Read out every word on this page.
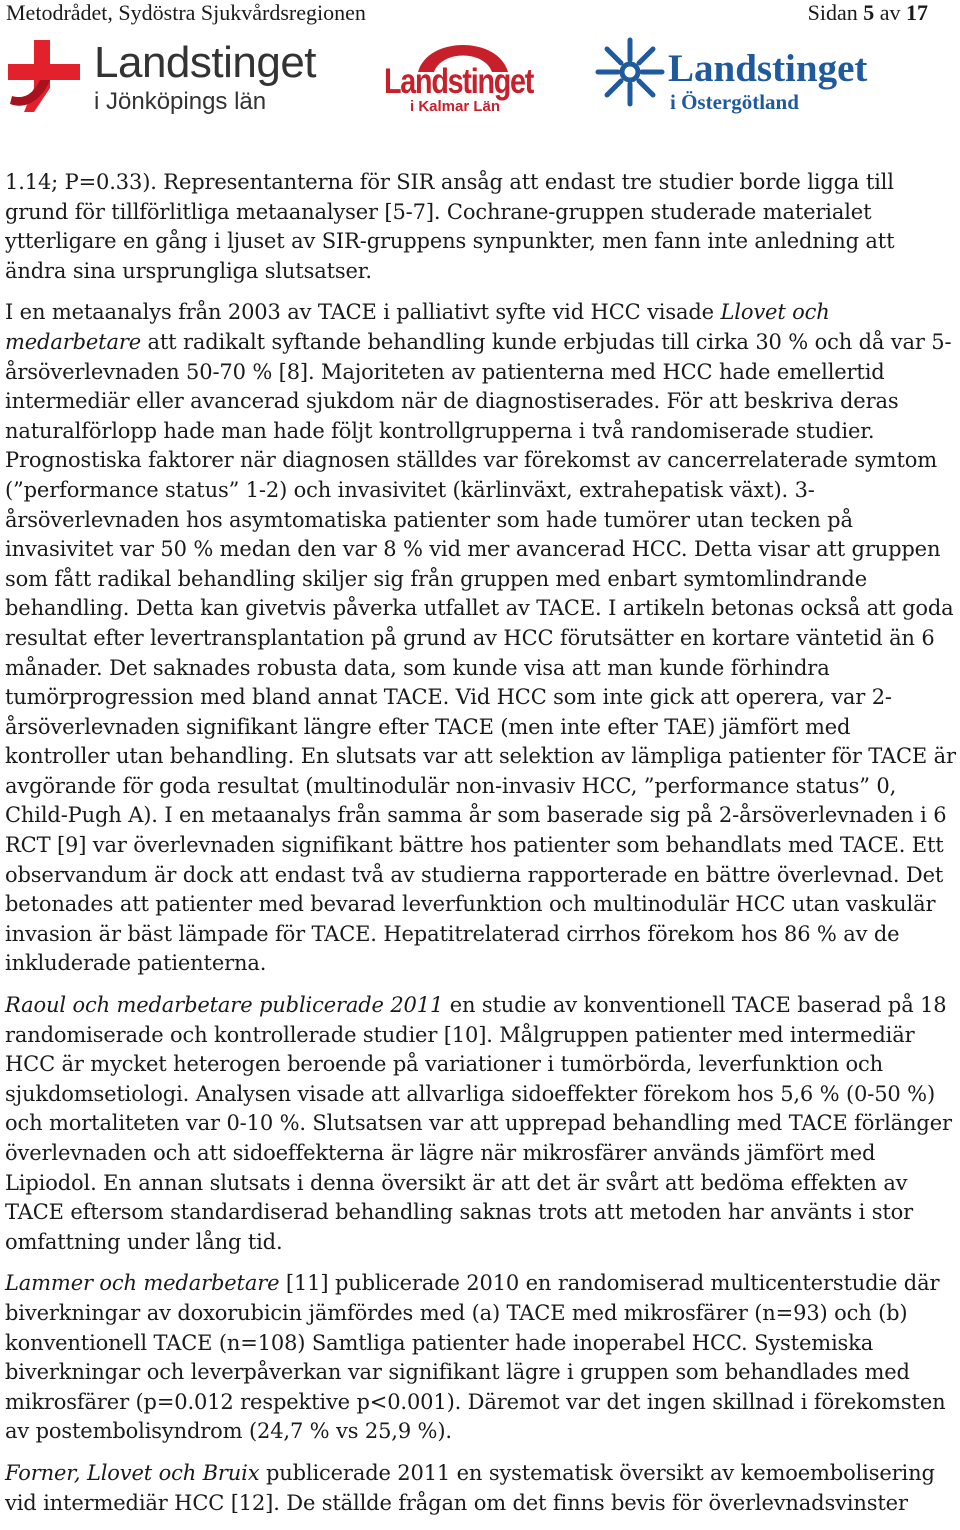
Metodrådet, Sydöstra Sjukvårdsregionen	Sidan 5 av 17
Landstinget
i Jönköpings län
Landstinget
i Kalmar Län
Landstinget
i Östergötland

1.14; P=0.33). Representanterna för SIR ansåg att endast tre studier borde ligga till grund för tillförlitliga metaanalyser [5-7]. Cochrane-gruppen studerade materialet ytterligare en gång i ljuset av SIR-gruppens synpunkter, men fann inte anledning att ändra sina ursprungliga slutsatser.

I en metaanalys från 2003 av TACE i palliativt syfte vid HCC visade Llovet och medarbetare att radikalt syftande behandling kunde erbjudas till cirka 30 % och då var 5-årsöverlevnaden 50-70 % [8]. Majoriteten av patienterna med HCC hade emellertid intermediär eller avancerad sjukdom när de diagnostiserades. För att beskriva deras naturalförlopp hade man hade följt kontrollgrupperna i två randomiserade studier. Prognostiska faktorer när diagnosen ställdes var förekomst av cancerrelaterade symtom (”performance status” 1-2) och invasivitet (kärlinväxt, extrahepatisk växt). 3-årsöverlevnaden hos asymtomatiska patienter som hade tumörer utan tecken på invasivitet var 50 % medan den var 8 % vid mer avancerad HCC. Detta visar att gruppen som fått radikal behandling skiljer sig från gruppen med enbart symtomlindrande behandling. Detta kan givetvis påverka utfallet av TACE. I artikeln betonas också att goda resultat efter levertransplantation på grund av HCC förutsätter en kortare väntetid än 6 månader. Det saknades robusta data, som kunde visa att man kunde förhindra tumörprogression med bland annat TACE. Vid HCC som inte gick att operera, var 2-årsöverlevnaden signifikant längre efter TACE (men inte efter TAE) jämfört med kontroller utan behandling. En slutsats var att selektion av lämpliga patienter för TACE är avgörande för goda resultat (multinodulär non-invasiv HCC, ”performance status” 0, Child-Pugh A). I en metaanalys från samma år som baserade sig på 2-årsöverlevnaden i 6 RCT [9] var överlevnaden signifikant bättre hos patienter som behandlats med TACE. Ett observandum är dock att endast två av studierna rapporterade en bättre överlevnad. Det betonades att patienter med bevarad leverfunktion och multinodulär HCC utan vaskulär invasion är bäst lämpade för TACE. Hepatitrelaterad cirrhos förekom hos 86 % av de inkluderade patienterna.

Raoul och medarbetare publicerade 2011 en studie av konventionell TACE baserad på 18 randomiserade och kontrollerade studier [10]. Målgruppen patienter med intermediär HCC är mycket heterogen beroende på variationer i tumörbörda, leverfunktion och sjukdomsetiologi. Analysen visade att allvarliga sidoeffekter förekom hos 5,6 % (0-50 %) och mortaliteten var 0-10 %. Slutsatsen var att upprepad behandling med TACE förlänger överlevnaden och att sidoeffekterna är lägre när mikrosfärer används jämfört med Lipiodol. En annan slutsats i denna översikt är att det är svårt att bedöma effekten av TACE eftersom standardiserad behandling saknas trots att metoden har använts i stor omfattning under lång tid.

Lammer och medarbetare [11] publicerade 2010 en randomiserad multicenterstudie där biverkningar av doxorubicin jämfördes med (a) TACE med mikrosfärer (n=93) och (b) konventionell TACE (n=108) Samtliga patienter hade inoperabel HCC. Systemiska biverkningar och leverpåverkan var signifikant lägre i gruppen som behandlades med mikrosfärer (p=0.012 respektive p<0.001). Däremot var det ingen skillnad i förekomsten av postembolisyndrom (24,7 % vs 25,9 %).

Forner, Llovet och Bruix publicerade 2011 en systematisk översikt av kemoembolisering vid intermediär HCC [12]. De ställde frågan om det finns bevis för överlevnadsvinster
